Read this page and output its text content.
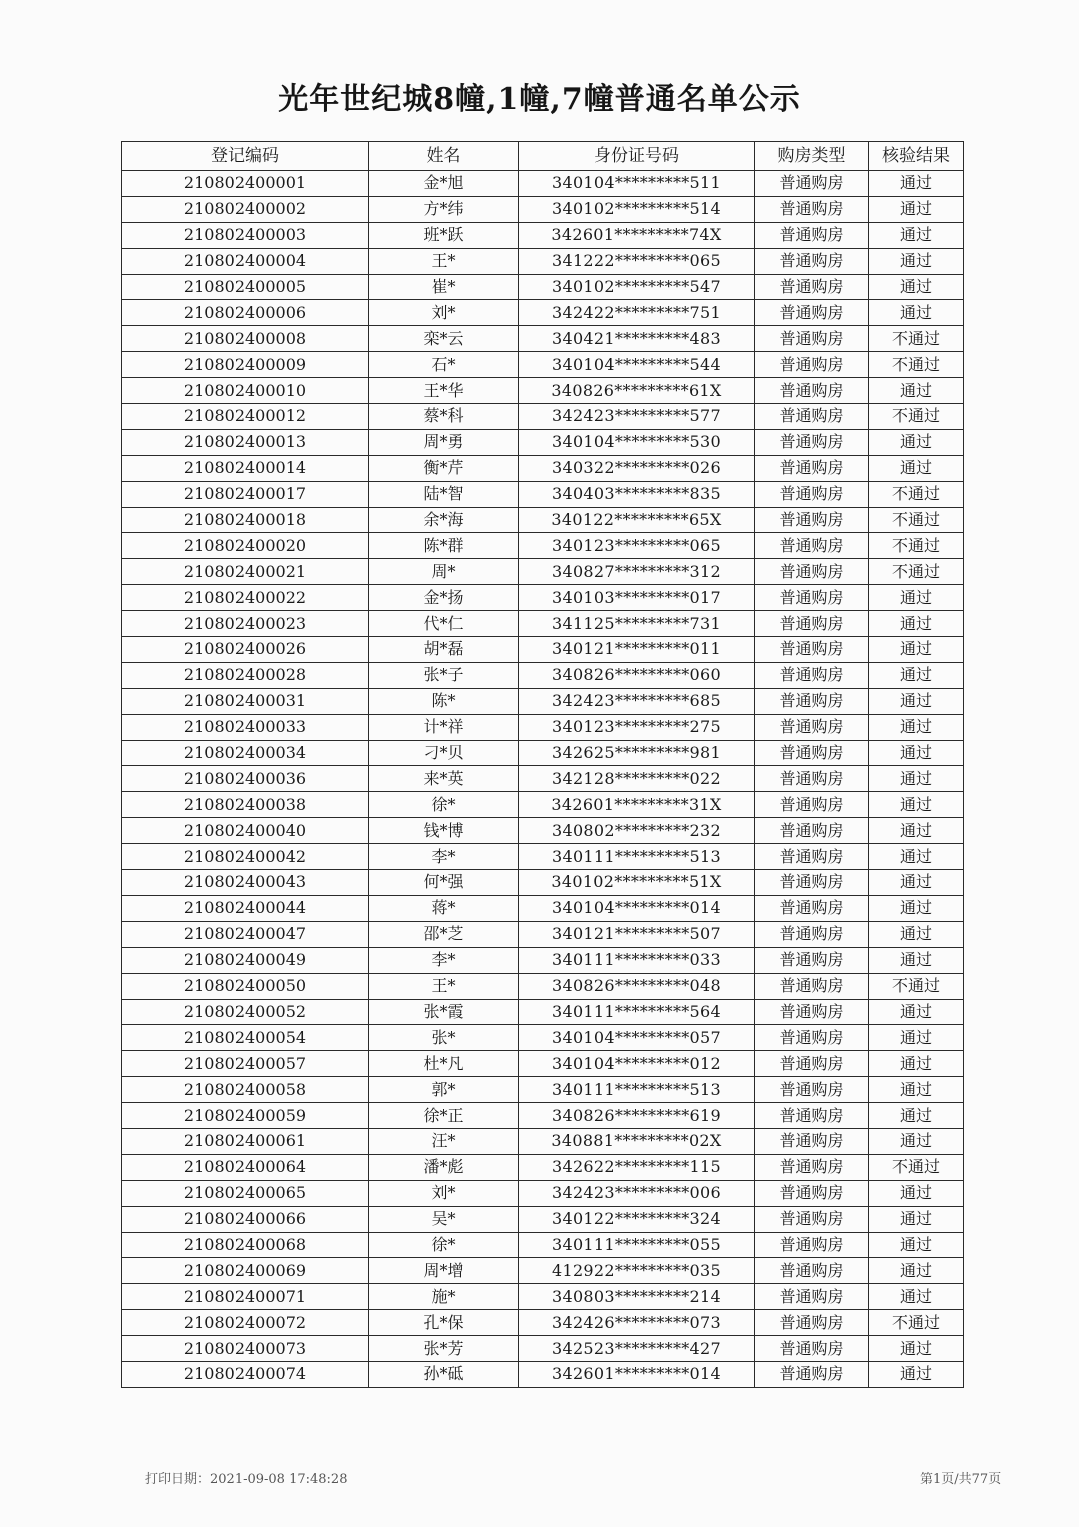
光年世纪城8幢,1幢,7幢普通名单公示
登记编码	姓名	身份证号码	购房类型	核验结果
210802400001	金*旭	340104*********511	普通购房	通过
210802400002	方*纬	340102*********514	普通购房	通过
210802400003	班*跃	342601*********74X	普通购房	通过
210802400004	王*	341222*********065	普通购房	通过
210802400005	崔*	340102*********547	普通购房	通过
210802400006	刘*	342422*********751	普通购房	通过
210802400008	栾*云	340421*********483	普通购房	不通过
210802400009	石*	340104*********544	普通购房	不通过
210802400010	王*华	340826*********61X	普通购房	通过
210802400012	蔡*科	342423*********577	普通购房	不通过
210802400013	周*勇	340104*********530	普通购房	通过
210802400014	衡*芹	340322*********026	普通购房	通过
210802400017	陆*智	340403*********835	普通购房	不通过
210802400018	余*海	340122*********65X	普通购房	不通过
210802400020	陈*群	340123*********065	普通购房	不通过
210802400021	周*	340827*********312	普通购房	不通过
210802400022	金*扬	340103*********017	普通购房	通过
210802400023	代*仁	341125*********731	普通购房	通过
210802400026	胡*磊	340121*********011	普通购房	通过
210802400028	张*子	340826*********060	普通购房	通过
210802400031	陈*	342423*********685	普通购房	通过
210802400033	计*祥	340123*********275	普通购房	通过
210802400034	刁*贝	342625*********981	普通购房	通过
210802400036	来*英	342128*********022	普通购房	通过
210802400038	徐*	342601*********31X	普通购房	通过
210802400040	钱*博	340802*********232	普通购房	通过
210802400042	李*	340111*********513	普通购房	通过
210802400043	何*强	340102*********51X	普通购房	通过
210802400044	蒋*	340104*********014	普通购房	通过
210802400047	邵*芝	340121*********507	普通购房	通过
210802400049	李*	340111*********033	普通购房	通过
210802400050	王*	340826*********048	普通购房	不通过
210802400052	张*霞	340111*********564	普通购房	通过
210802400054	张*	340104*********057	普通购房	通过
210802400057	杜*凡	340104*********012	普通购房	通过
210802400058	郭*	340111*********513	普通购房	通过
210802400059	徐*正	340826*********619	普通购房	通过
210802400061	汪*	340881*********02X	普通购房	通过
210802400064	潘*彪	342622*********115	普通购房	不通过
210802400065	刘*	342423*********006	普通购房	通过
210802400066	吴*	340122*********324	普通购房	通过
210802400068	徐*	340111*********055	普通购房	通过
210802400069	周*增	412922*********035	普通购房	通过
210802400071	施*	340803*********214	普通购房	通过
210802400072	孔*保	342426*********073	普通购房	不通过
210802400073	张*芳	342523*********427	普通购房	通过
210802400074	孙*砥	342601*********014	普通购房	通过
打印日期：2021-09-08 17:48:28	第1页/共77页
